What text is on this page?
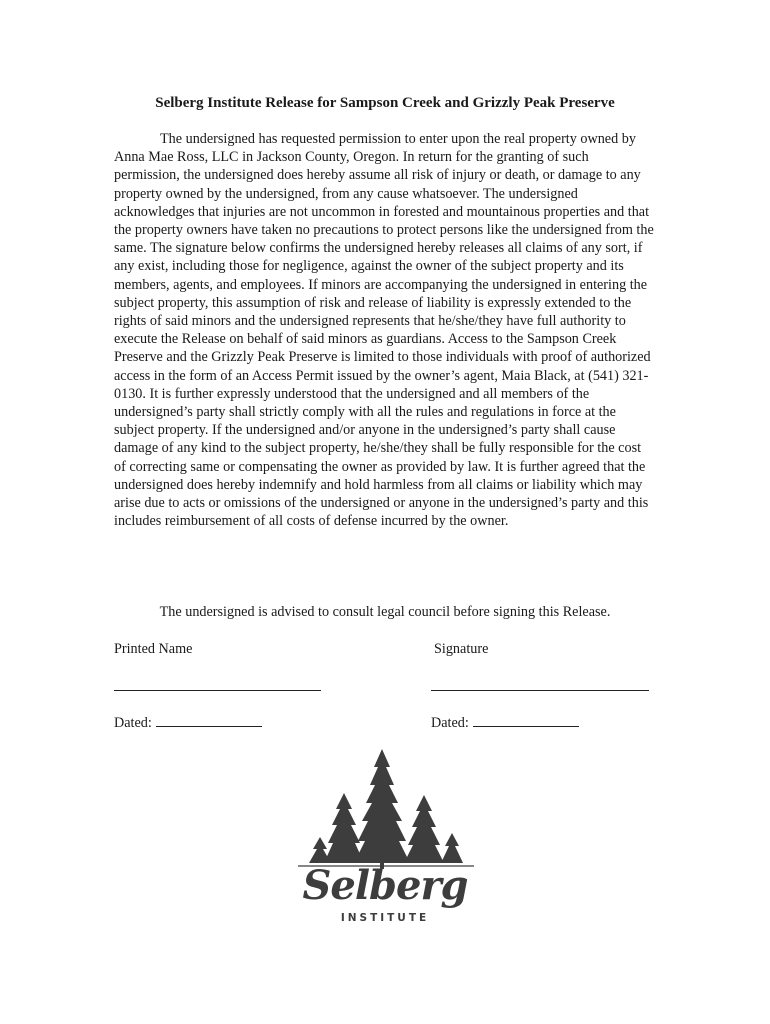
Selberg Institute Release for Sampson Creek and Grizzly Peak Preserve
The undersigned has requested permission to enter upon the real property owned by Anna Mae Ross, LLC in Jackson County, Oregon. In return for the granting of such permission, the undersigned does hereby assume all risk of injury or death, or damage to any property owned by the undersigned, from any cause whatsoever. The undersigned acknowledges that injuries are not uncommon in forested and mountainous properties and that the property owners have taken no precautions to protect persons like the undersigned from the same. The signature below confirms the undersigned hereby releases all claims of any sort, if any exist, including those for negligence, against the owner of the subject property and its members, agents, and employees. If minors are accompanying the undersigned in entering the subject property, this assumption of risk and release of liability is expressly extended to the rights of said minors and the undersigned represents that he/she/they have full authority to execute the Release on behalf of said minors as guardians. Access to the Sampson Creek Preserve and the Grizzly Peak Preserve is limited to those individuals with proof of authorized access in the form of an Access Permit issued by the owner’s agent, Maia Black, at (541) 321-0130. It is further expressly understood that the undersigned and all members of the undersigned’s party shall strictly comply with all the rules and regulations in force at the subject property. If the undersigned and/or anyone in the undersigned’s party shall cause damage of any kind to the subject property, he/she/they shall be fully responsible for the cost of correcting same or compensating the owner as provided by law. It is further agreed that the undersigned does hereby indemnify and hold harmless from all claims or liability which may arise due to acts or omissions of the undersigned or anyone in the undersigned’s party and this includes reimbursement of all costs of defense incurred by the owner.
The undersigned is advised to consult legal council before signing this Release.
Printed Name	Signature
Dated:	Dated:
Selberg
INSTITUTE
